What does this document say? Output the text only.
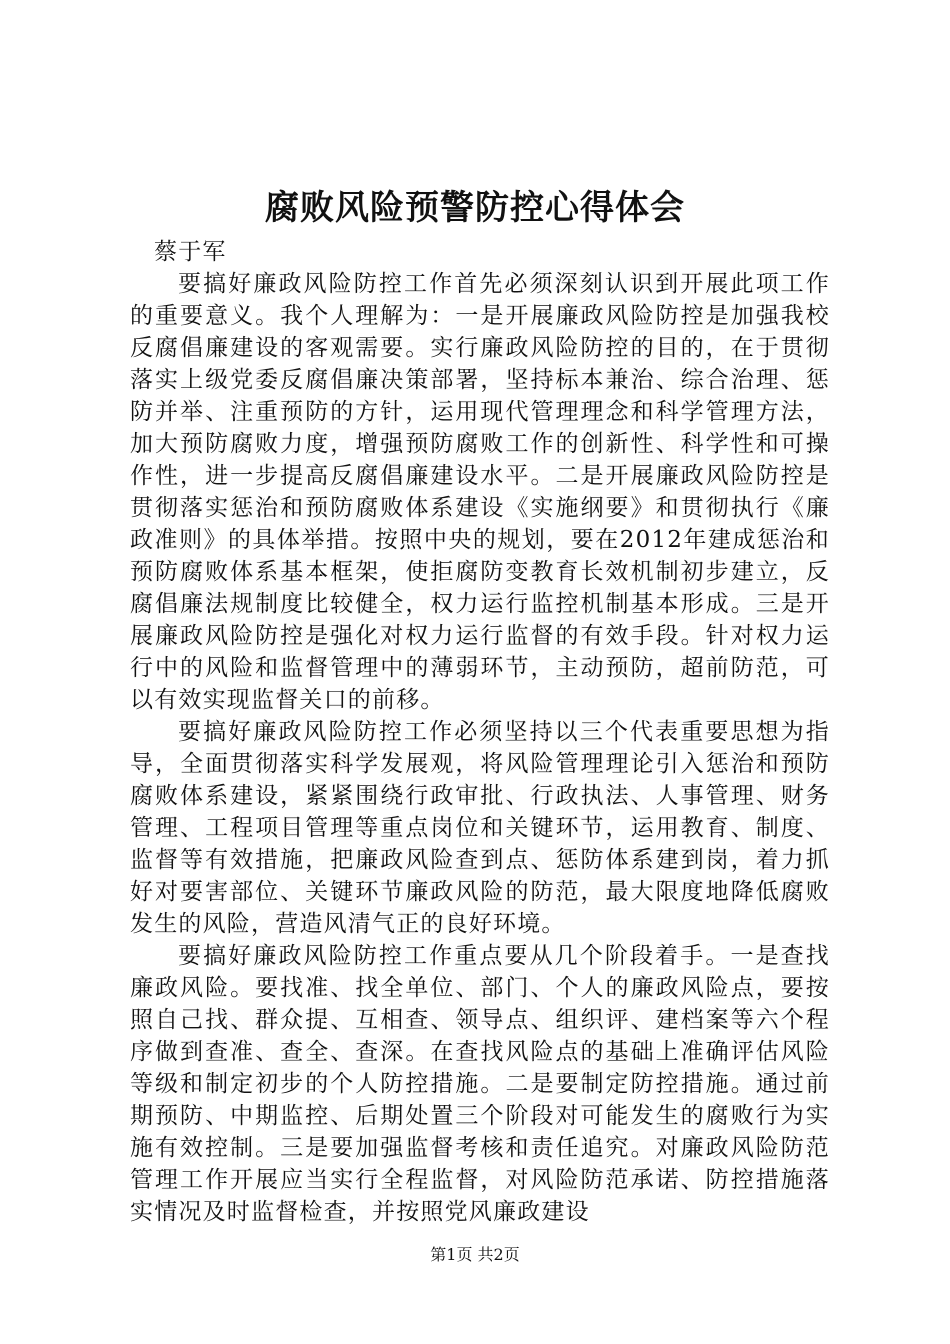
腐败风险预警防控心得体会

蔡于军

要搞好廉政风险防控工作首先必须深刻认识到开展此项工作的重要意义。我个人理解为：一是开展廉政风险防控是加强我校反腐倡廉建设的客观需要。实行廉政风险防控的目的，在于贯彻落实上级党委反腐倡廉决策部署，坚持标本兼治、综合治理、惩防并举、注重预防的方针，运用现代管理理念和科学管理方法，加大预防腐败力度，增强预防腐败工作的创新性、科学性和可操作性，进一步提高反腐倡廉建设水平。二是开展廉政风险防控是贯彻落实惩治和预防腐败体系建设《实施纲要》和贯彻执行《廉政准则》的具体举措。按照中央的规划，要在2012年建成惩治和预防腐败体系基本框架，使拒腐防变教育长效机制初步建立，反腐倡廉法规制度比较健全，权力运行监控机制基本形成。三是开展廉政风险防控是强化对权力运行监督的有效手段。针对权力运行中的风险和监督管理中的薄弱环节，主动预防，超前防范，可以有效实现监督关口的前移。

要搞好廉政风险防控工作必须坚持以三个代表重要思想为指导，全面贯彻落实科学发展观，将风险管理理论引入惩治和预防腐败体系建设，紧紧围绕行政审批、行政执法、人事管理、财务管理、工程项目管理等重点岗位和关键环节，运用教育、制度、监督等有效措施，把廉政风险查到点、惩防体系建到岗，着力抓好对要害部位、关键环节廉政风险的防范，最大限度地降低腐败发生的风险，营造风清气正的良好环境。

要搞好廉政风险防控工作重点要从几个阶段着手。一是查找廉政风险。要找准、找全单位、部门、个人的廉政风险点，要按照自己找、群众提、互相查、领导点、组织评、建档案等六个程序做到查准、查全、查深。在查找风险点的基础上准确评估风险等级和制定初步的个人防控措施。二是要制定防控措施。通过前期预防、中期监控、后期处置三个阶段对可能发生的腐败行为实施有效控制。三是要加强监督考核和责任追究。对廉政风险防范管理工作开展应当实行全程监督，对风险防范承诺、防控措施落实情况及时监督检查，并按照党风廉政建设

第1页 共2页
